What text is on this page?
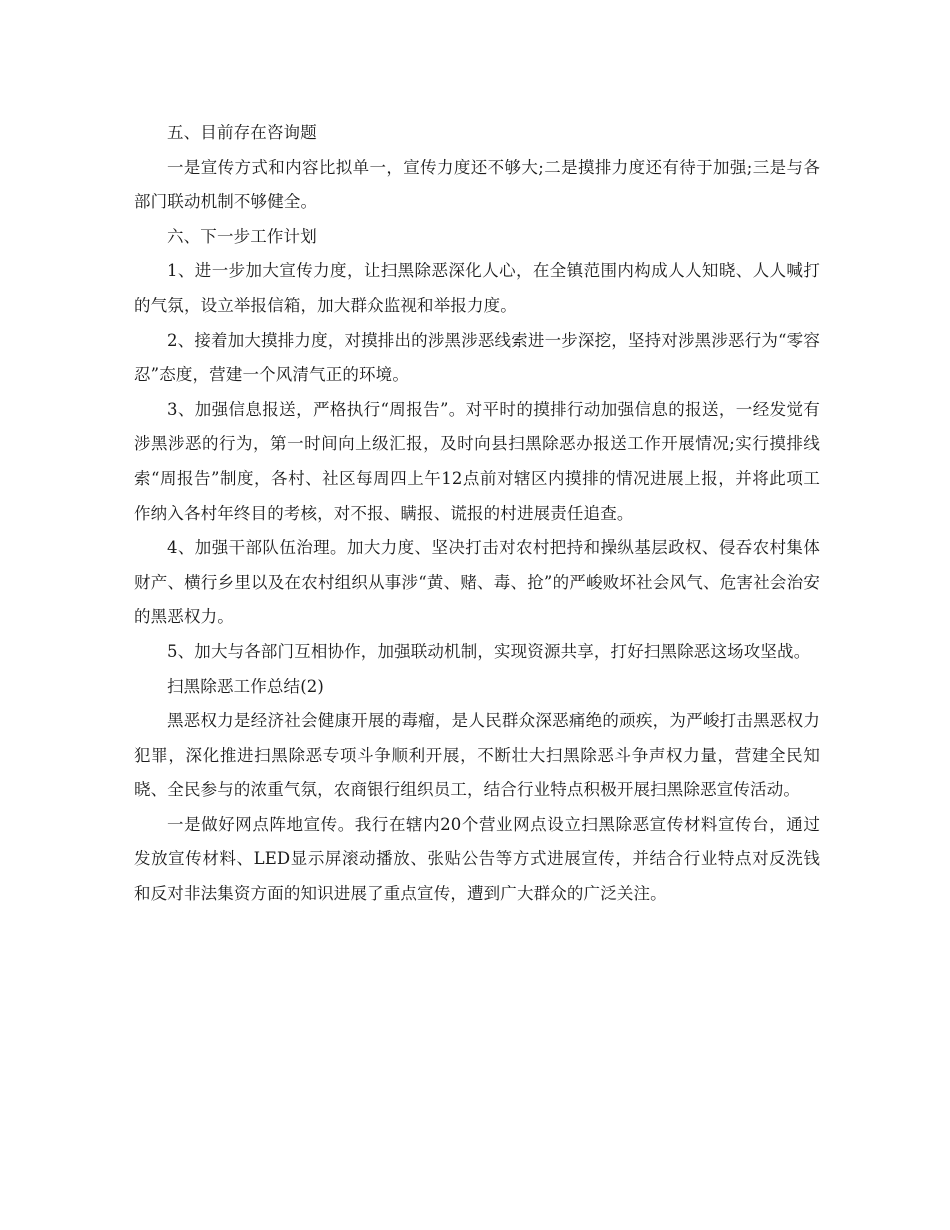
五、目前存在咨询题

一是宣传方式和内容比拟单一，宣传力度还不够大;二是摸排力度还有待于加强;三是与各部门联动机制不够健全。

六、下一步工作计划

1、进一步加大宣传力度，让扫黑除恶深化人心，在全镇范围内构成人人知晓、人人喊打的气氛，设立举报信箱，加大群众监视和举报力度。

2、接着加大摸排力度，对摸排出的涉黑涉恶线索进一步深挖，坚持对涉黑涉恶行为“零容忍”态度，营建一个风清气正的环境。

3、加强信息报送，严格执行“周报告”。对平时的摸排行动加强信息的报送，一经发觉有涉黑涉恶的行为，第一时间向上级汇报，及时向县扫黑除恶办报送工作开展情况;实行摸排线索“周报告”制度，各村、社区每周四上午12点前对辖区内摸排的情况进展上报，并将此项工作纳入各村年终目的考核，对不报、瞒报、谎报的村进展责任追查。

4、加强干部队伍治理。加大力度、坚决打击对农村把持和操纵基层政权、侵吞农村集体财产、横行乡里以及在农村组织从事涉“黄、赌、毒、抢”的严峻败坏社会风气、危害社会治安的黑恶权力。

5、加大与各部门互相协作，加强联动机制，实现资源共享，打好扫黑除恶这场攻坚战。

扫黑除恶工作总结(2)

黑恶权力是经济社会健康开展的毒瘤，是人民群众深恶痛绝的顽疾，为严峻打击黑恶权力犯罪，深化推进扫黑除恶专项斗争顺利开展，不断壮大扫黑除恶斗争声权力量，营建全民知晓、全民参与的浓重气氛，农商银行组织员工，结合行业特点积极开展扫黑除恶宣传活动。

一是做好网点阵地宣传。我行在辖内20个营业网点设立扫黑除恶宣传材料宣传台，通过发放宣传材料、LED显示屏滚动播放、张贴公告等方式进展宣传，并结合行业特点对反洗钱和反对非法集资方面的知识进展了重点宣传，遭到广大群众的广泛关注。
